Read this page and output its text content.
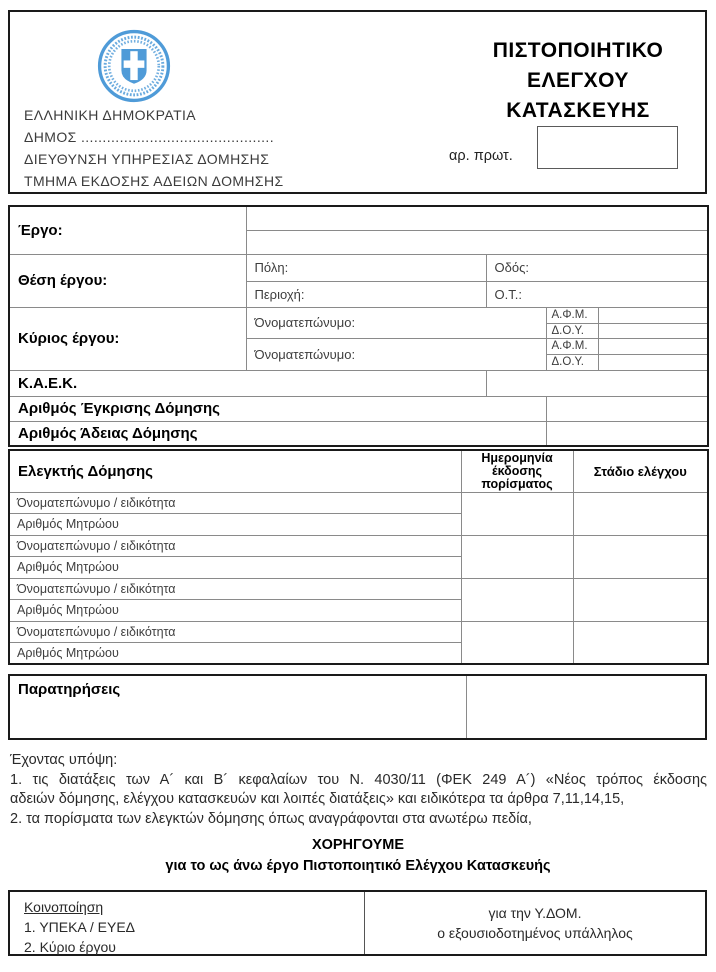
ΕΛΛΗΝΙΚΗ ΔΗΜΟΚΡΑΤΙΑ
ΔΗΜΟΣ .............................................
ΔΙΕΥΘΥΝΣΗ ΥΠΗΡΕΣΙΑΣ ΔΟΜΗΣΗΣ
ΤΜΗΜΑ ΕΚΔΟΣΗΣ ΑΔΕΙΩΝ ΔΟΜΗΣΗΣ
ΠΙΣΤΟΠΟΙΗΤΙΚΟ
ΕΛΕΓΧΟΥ
ΚΑΤΑΣΚΕΥΗΣ
αρ. πρωτ.
Έργο:				

Θέση έργου:	Πόλη:	Οδός:		
	Περιοχή:	Ο.Τ.:		
Κύριος έργου:	Όνοματεπώνυμο:		Α.Φ.Μ.	
			Δ.Ο.Υ.	
	Όνοματεπώνυμο:		Α.Φ.Μ.	
			Δ.Ο.Υ.	
Κ.Α.Ε.Κ.				
Αριθμός Έγκρισης Δόμησης				
Αριθμός Άδειας Δόμησης				
Ελεγκτής Δόμησης	Ημερομηνία
έκδοσης
πορίσματος	Στάδιο ελέγχου
Όνοματεπώνυμο / ειδικότητα		
Αριθμός Μητρώου		
Όνοματεπώνυμο / ειδικότητα		
Αριθμός Μητρώου		
Όνοματεπώνυμο / ειδικότητα		
Αριθμός Μητρώου		
Όνοματεπώνυμο / ειδικότητα		
Αριθμός Μητρώου		
Παρατηρήσεις
Έχοντας υπόψη:
1. τις διατάξεις των Α´ και Β´ κεφαλαίων του Ν. 4030/11 (ΦΕΚ 249 Α´) «Νέος τρόπος έκδοσης
αδειών δόμησης, ελέγχου κατασκευών και λοιπές διατάξεις» και ειδικότερα τα άρθρα 7,11,14,15,
2. τα πορίσματα των ελεγκτών δόμησης όπως αναγράφονται στα ανωτέρω πεδία,
ΧΟΡΗΓΟΥΜΕ
για το ως άνω έργο Πιστοποιητικό Ελέγχου Κατασκευής
Κοινοποίηση
1. ΥΠΕΚΑ / ΕΥΕΔ
2. Κύριο έργου
για την Υ.ΔΟΜ.
ο εξουσιοδοτημένος υπάλληλος
